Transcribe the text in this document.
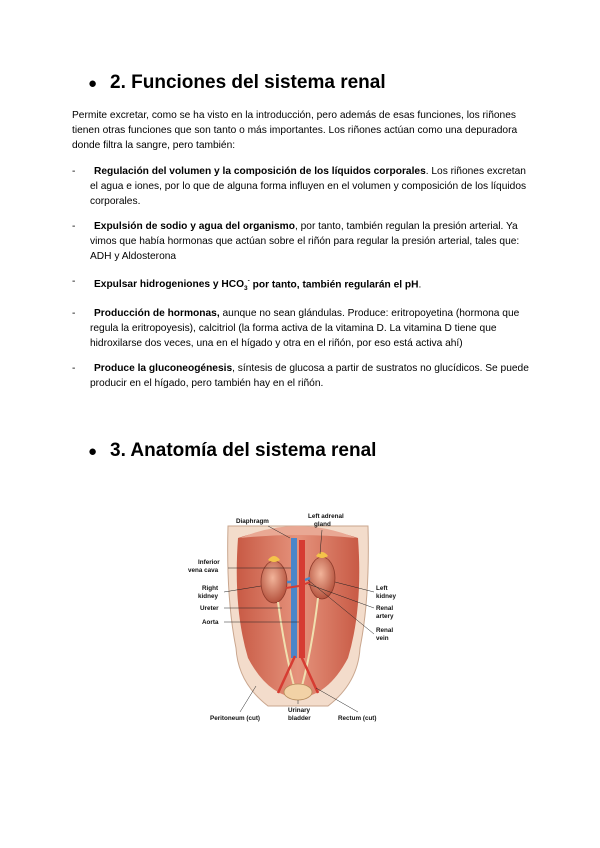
● 2. Funciones del sistema renal

Permite excretar, como se ha visto en la introducción, pero además de esas funciones, los riñones tienen otras funciones que son tanto o más importantes. Los riñones actúan como una depuradora donde filtra la sangre, pero también:

- Regulación del volumen y la composición de los líquidos corporales. Los riñones excretan el agua e iones, por lo que de alguna forma influyen en el volumen y composición de los líquidos corporales.
- Expulsión de sodio y agua del organismo, por tanto, también regulan la presión arterial. Ya vimos que había hormonas que actúan sobre el riñón para regular la presión arterial, tales que: ADH y Aldosterona
- Expulsar hidrogeniones y $HCO_3^-$ por tanto, también regularán el pH.
- Producción de hormonas, aunque no sean glándulas. Produce: eritropoyetina (hormona que regula la eritropoyesis), calcitriol (la forma activa de la vitamina D. La vitamina D tiene que hidroxilarse dos veces, una en el hígado y otra en el riñón, por eso está activa ahí)
- Produce la gluconeogénesis, síntesis de glucosa a partir de sustratos no glucídicos. Se puede producir en el hígado, pero también hay en el riñón.
● 3. Anatomía del sistema renal
Diaphragm
Left adrenal
gland
Inferior
vena cava
Right
kidney
Ureter
Aorta
Left
kidney
Renal
artery
Renal
vein
Peritoneum (cut)
Urinary
bladder	Rectum (cut)
